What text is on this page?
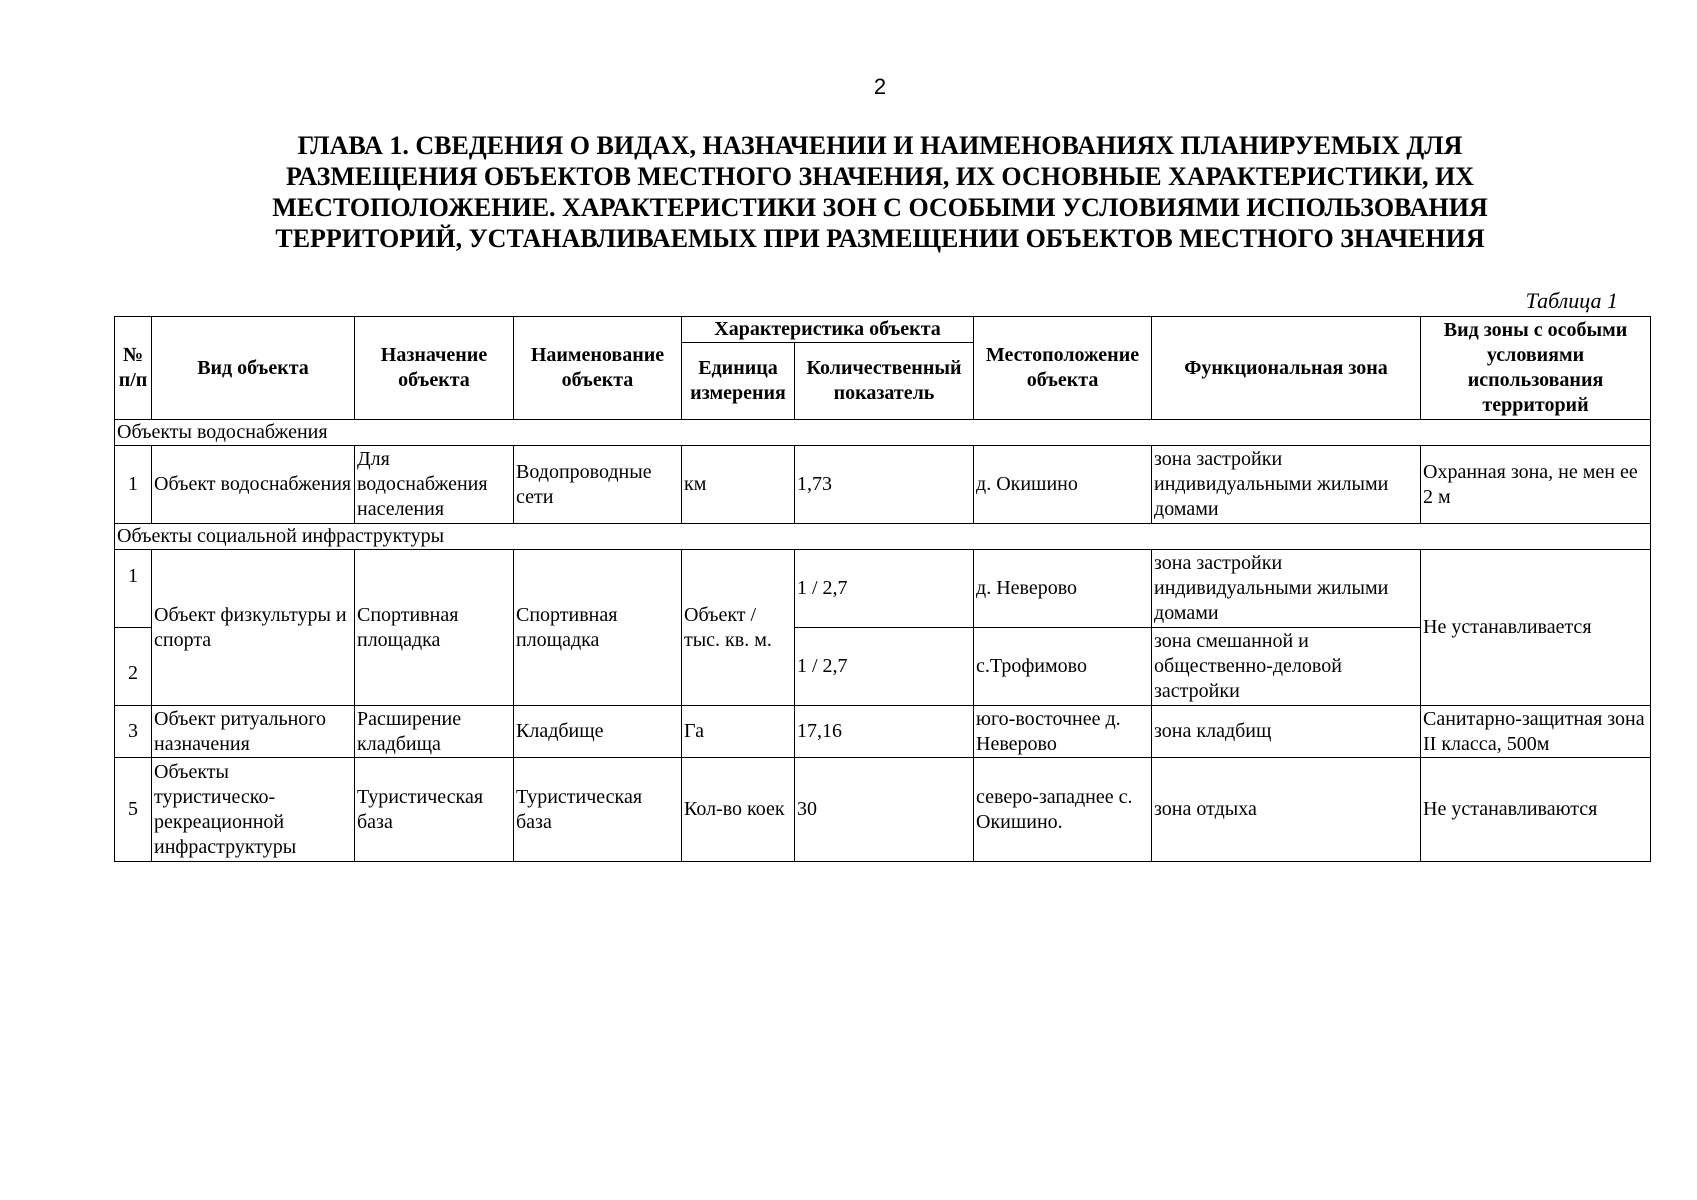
2
ГЛАВА 1. СВЕДЕНИЯ О ВИДАХ, НАЗНАЧЕНИИ И НАИМЕНОВАНИЯХ ПЛАНИРУЕМЫХ ДЛЯ
РАЗМЕЩЕНИЯ ОБЪЕКТОВ МЕСТНОГО ЗНАЧЕНИЯ, ИХ ОСНОВНЫЕ ХАРАКТЕРИСТИКИ, ИХ
МЕСТОПОЛОЖЕНИЕ. ХАРАКТЕРИСТИКИ ЗОН С ОСОБЫМИ УСЛОВИЯМИ ИСПОЛЬЗОВАНИЯ
ТЕРРИТОРИЙ, УСТАНАВЛИВАЕМЫХ ПРИ РАЗМЕЩЕНИИ ОБЪЕКТОВ МЕСТНОГО ЗНАЧЕНИЯ
Таблица 1
№ п/п	Вид объекта	Назначение объекта	Наименование объекта	Характеристика объекта		Местоположение объекта	Функциональная зона	Вид зоны с особыми условиями использования территорий
				Единица измерения	Количественный показатель			
Объекты водоснабжения								
1	Объект водоснабжения	Для водоснабжения населения	Водопроводные сети	км	1,73	д. Окишино	зона застройки индивидуальными жилыми домами	Охранная зона, не мен ее 2 м
Объекты социальной инфраструктуры								
1	Объект физкультуры и спорта	Спортивная площадка	Спортивная площадка	Объект / тыс. кв. м.	1 / 2,7	д. Неверово	зона застройки индивидуальными жилыми домами	Не устанавливается
2					1 / 2,7	с.Трофимово	зона смешанной и общественно-деловой застройки	
3	Объект ритуального назначения	Расширение кладбища	Кладбище	Га	17,16	юго-восточнее д. Неверово	зона кладбищ	Санитарно-защитная зона II класса, 500м
5	Объекты туристическо-рекреационной инфраструктуры	Туристическая база	Туристическая база	Кол-во коек	30	северо-западнее с. Окишино.	зона отдыха	Не устанавливаются
